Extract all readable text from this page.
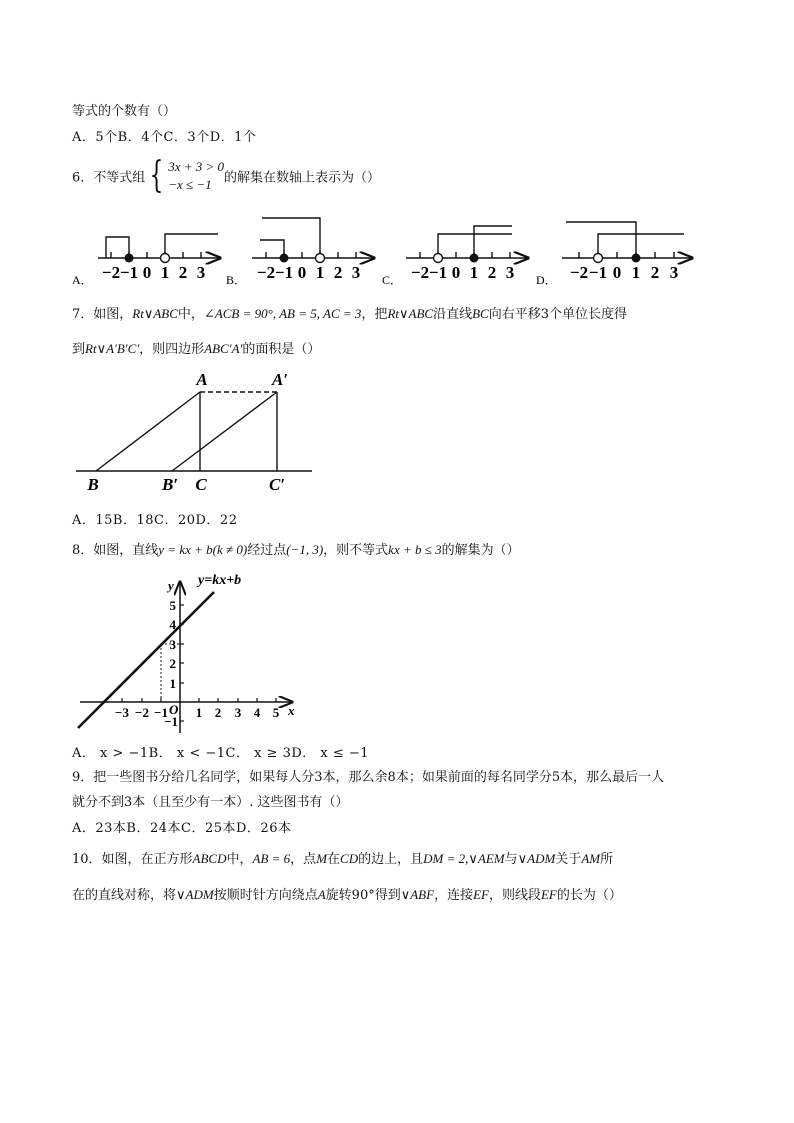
等式的个数有（）
A．5个B．4个C．3个D．1个
6．不等式组 { 3x + 3 > 0
−x ≤ −1 的解集在数轴上表示为（）
A． −2 −1 0 1 2 3 B． −2 −1 0 1 2 3 C． −2 −1 0 1 2 3 D． −2 −1 0 1 2 3
7．如图，Rt∨ABC中，∠ACB = 90°, AB = 5, AC = 3，把Rt∨ABC沿直线BC向右平移3个单位长度得
到Rt∨A′B′C′，则四边形ABC′A′的面积是（）
A	A′
B	B′ C	C′
A．15B．18C．20D．22
8．如图，直线y = kx + b(k ≠ 0)经过点(−1, 3)，则不等式kx + b ≤ 3的解集为（）
−3 −2 −1 1 2 3 4 5
5
4
3
2
1
−1
O	x
y y=kx+b
A． x > −1B． x < −1C． x ≥ 3D． x ≤ −1
9．把一些图书分给几名同学，如果每人分3本，那么余8本；如果前面的每名同学分5本，那么最后一人
就分不到3本（且至少有一本）. 这些图书有（）
A．23本B．24本C．25本D．26本
10．如图，在正方形ABCD中，AB = 6，点M在CD的边上，且DM = 2,∨AEM与∨ADM关于AM所
在的直线对称，将∨ADM按顺时针方向绕点A旋转90°得到∨ABF，连接EF，则线段EF的长为（）
